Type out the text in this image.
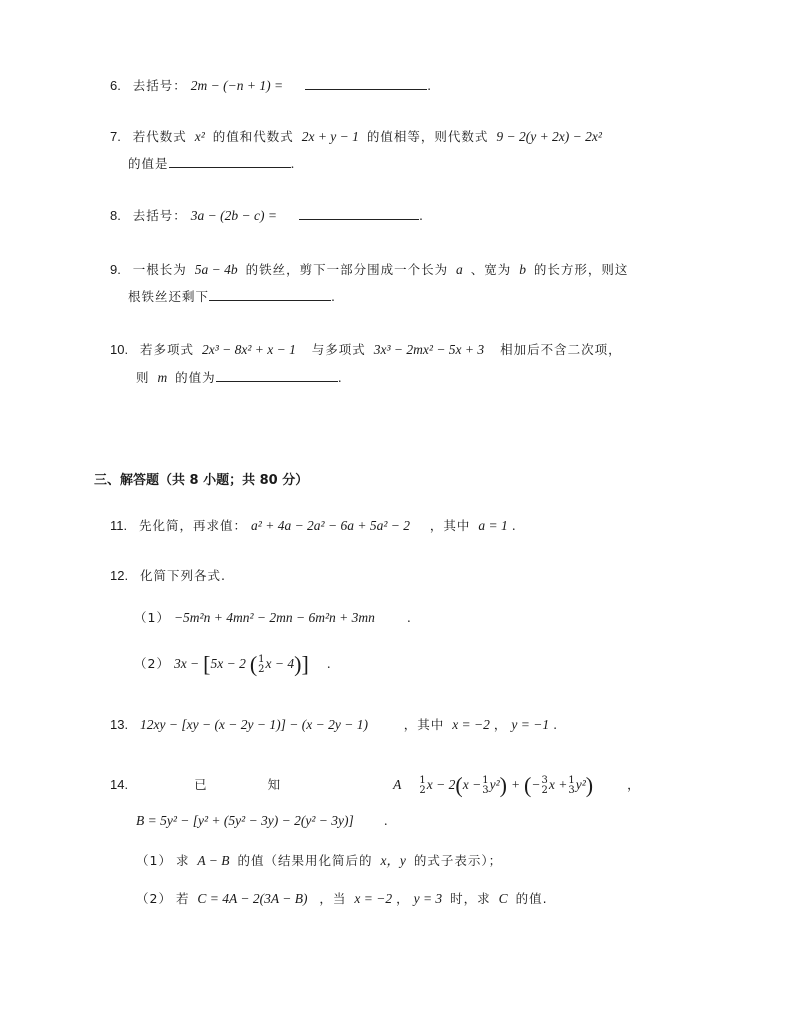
6. 去括号： 2m − (−n + 1) =	.
7. 若代数式 x² 的值和代数式 2x + y − 1 的值相等，则代数式 9 − 2(y + 2x) − 2x²
的值是	.
8. 去括号： 3a − (2b − c) =	.
9. 一根长为 5a − 4b 的铁丝，剪下一部分围成一个长为 a 、宽为 b 的长方形，则这
根铁丝还剩下	.
10. 若多项式 2x³ − 8x² + x − 1 与多项式 3x³ − 2mx² − 5x + 3 相加后不含二次项，
则 m 的值为	.
三、解答题（共 8 小题；共 80 分）
11. 先化简，再求值： a² + 4a − 2a² − 6a + 5a² − 2 ，其中 a = 1 .
12. 化简下列各式.
（1） −5m²n + 4mn² − 2mn − 6m²n + 3mn	.
（2） 3x − [5x − 2 ( 1
2 x − 4)] .
13. 12xy − [xy − (x − 2y − 1)] − (x − 2y − 1)	，其中 x = −2 ， y = −1 .
14.	已	知	A = 1
2 x − 2(x − 1
3 y²) + (− 3
2 x + 1
3 y²)	，
B = 5y² − [y² + (5y² − 3y) − 2(y² − 3y)] .
（1） 求 A − B 的值（结果用化简后的 x，y 的式子表示）；
（2） 若 C = 4A − 2(3A − B) ，当 x = −2 ， y = 3 时，求 C 的值.
